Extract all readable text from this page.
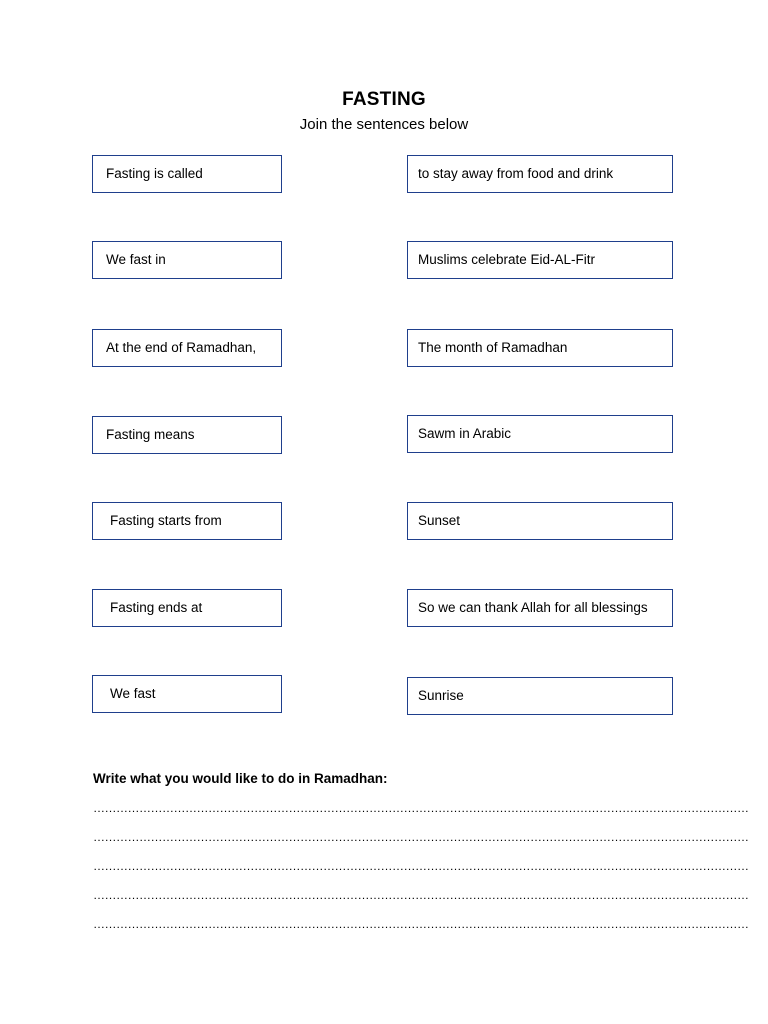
FASTING
Join the sentences below
Fasting is called
We fast in
At the end of Ramadhan,
Fasting means
Fasting starts from
Fasting ends at
We fast
to stay away from food and drink
Muslims celebrate Eid-AL-Fitr
The month of Ramadhan
Sawm in Arabic
Sunset
So we can thank Allah for all blessings
Sunrise
Write what you would like to do in Ramadhan:
………………………………………………………………………………………………………………………………………………………
………………………………………………………………………………………………………………………………………………………
………………………………………………………………………………………………………………………………………………………
………………………………………………………………………………………………………………………………………………………
………………………………………………………………………………………………………………………………………………………
